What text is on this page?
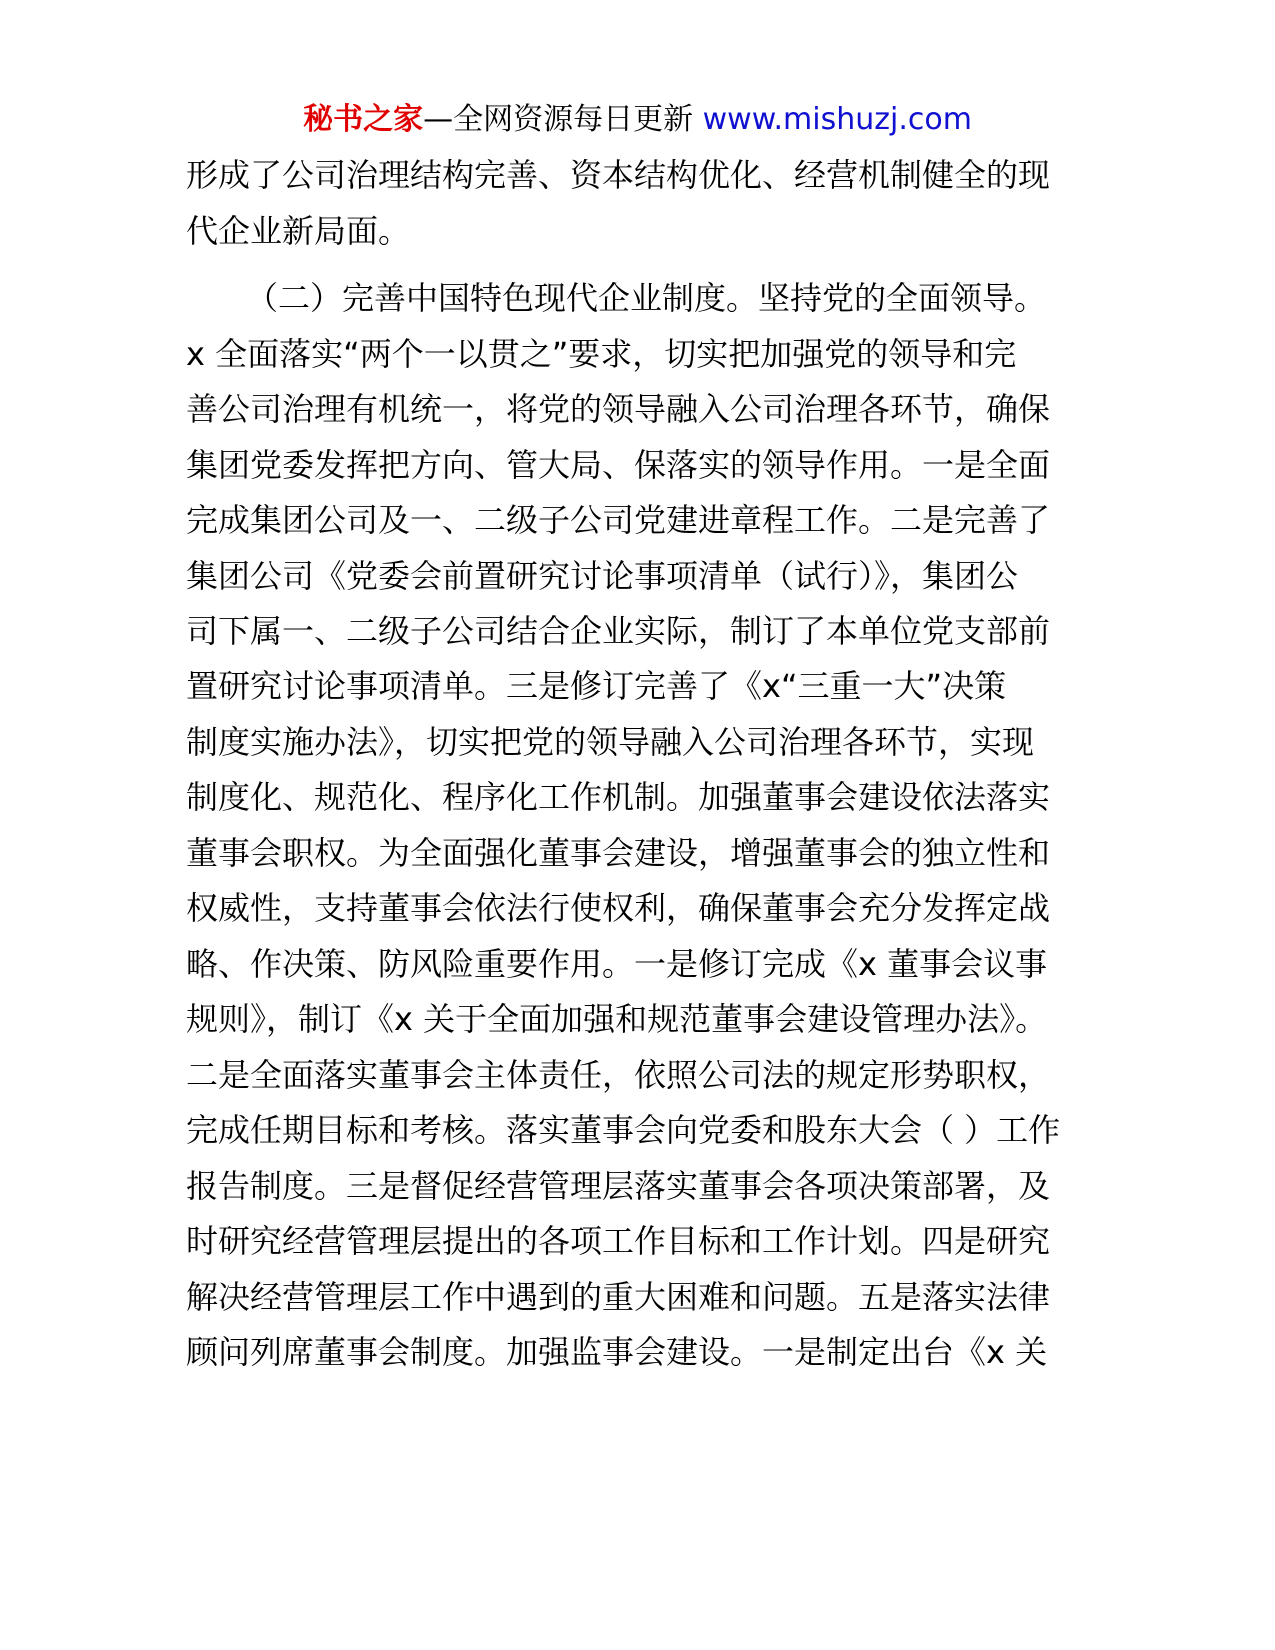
秘书之家—全网资源每日更新 www.mishuzj.com
形成了公司治理结构完善、资本结构优化、经营机制健全的现
代企业新局面。
（二）完善中国特色现代企业制度。坚持党的全面领导。
x 全面落实“两个一以贯之”要求，切实把加强党的领导和完
善公司治理有机统一，将党的领导融入公司治理各环节，确保
集团党委发挥把方向、管大局、保落实的领导作用。一是全面
完成集团公司及一、二级子公司党建进章程工作。二是完善了
集团公司《党委会前置研究讨论事项清单（试行）》，集团公
司下属一、二级子公司结合企业实际，制订了本单位党支部前
置研究讨论事项清单。三是修订完善了《x“三重一大”决策
制度实施办法》，切实把党的领导融入公司治理各环节，实现
制度化、规范化、程序化工作机制。加强董事会建设依法落实
董事会职权。为全面强化董事会建设，增强董事会的独立性和
权威性，支持董事会依法行使权利，确保董事会充分发挥定战
略、作决策、防风险重要作用。一是修订完成《x 董事会议事
规则》，制订《x 关于全面加强和规范董事会建设管理办法》。
二是全面落实董事会主体责任，依照公司法的规定形势职权，
完成任期目标和考核。落实董事会向党委和股东大会（ ）工作
报告制度。三是督促经营管理层落实董事会各项决策部署，及
时研究经营管理层提出的各项工作目标和工作计划。四是研究
解决经营管理层工作中遇到的重大困难和问题。五是落实法律
顾问列席董事会制度。加强监事会建设。一是制定出台《x 关
